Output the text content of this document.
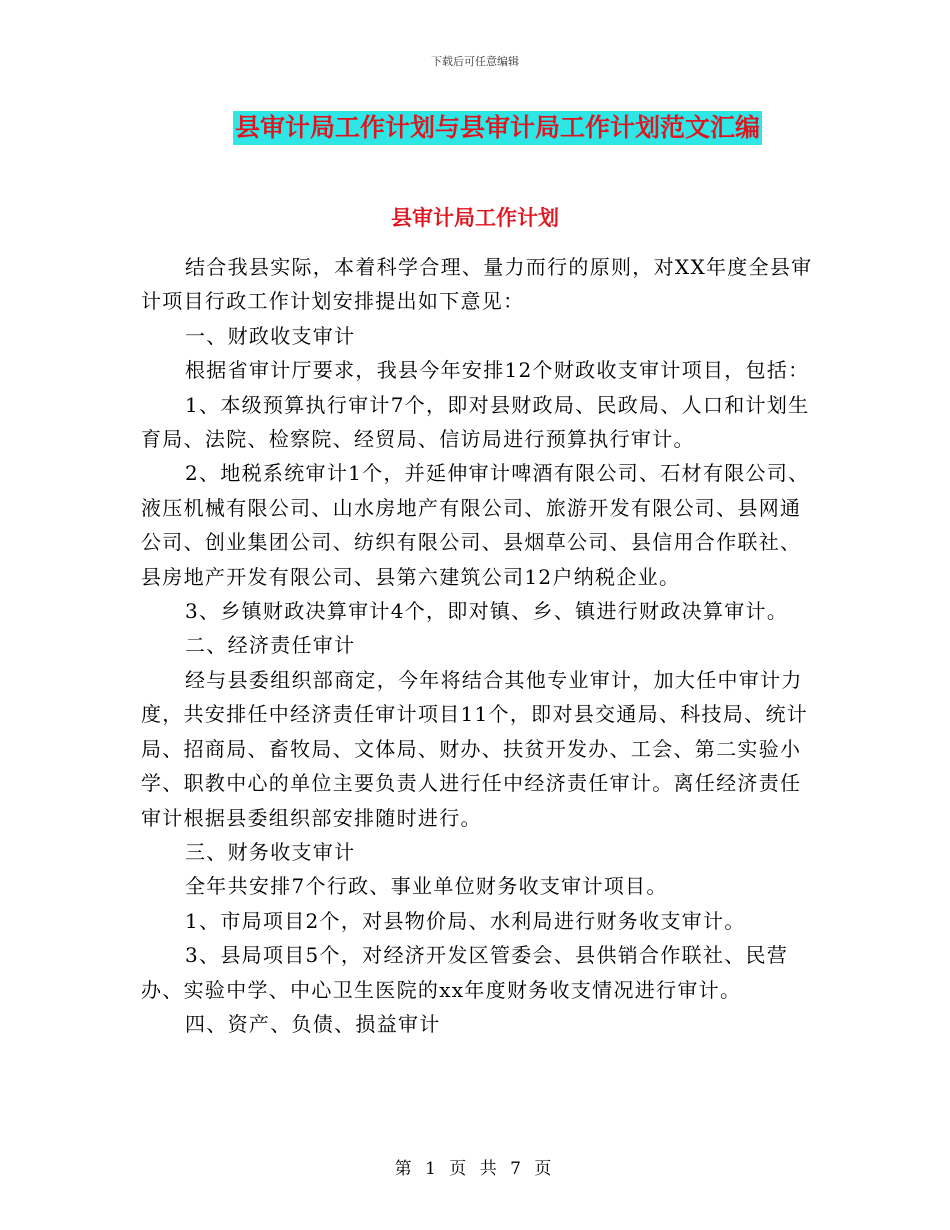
下载后可任意编辑
县审计局工作计划与县审计局工作计划范文汇编
县审计局工作计划

结合我县实际，本着科学合理、量力而行的原则，对XX年度全县审计项目行政工作计划安排提出如下意见：

一、财政收支审计

根据省审计厅要求，我县今年安排12个财政收支审计项目，包括：

1、本级预算执行审计7个，即对县财政局、民政局、人口和计划生育局、法院、检察院、经贸局、信访局进行预算执行审计。

2、地税系统审计1个，并延伸审计啤酒有限公司、石材有限公司、液压机械有限公司、山水房地产有限公司、旅游开发有限公司、县网通公司、创业集团公司、纺织有限公司、县烟草公司、县信用合作联社、县房地产开发有限公司、县第六建筑公司12户纳税企业。

3、乡镇财政决算审计4个，即对镇、乡、镇进行财政决算审计。

二、经济责任审计

经与县委组织部商定，今年将结合其他专业审计，加大任中审计力度，共安排任中经济责任审计项目11个，即对县交通局、科技局、统计局、招商局、畜牧局、文体局、财办、扶贫开发办、工会、第二实验小学、职教中心的单位主要负责人进行任中经济责任审计。离任经济责任审计根据县委组织部安排随时进行。

三、财务收支审计

全年共安排7个行政、事业单位财务收支审计项目。

1、市局项目2个，对县物价局、水利局进行财务收支审计。

3、县局项目5个，对经济开发区管委会、县供销合作联社、民营办、实验中学、中心卫生医院的xx年度财务收支情况进行审计。

四、资产、负债、损益审计

第 1 页 共 7 页
